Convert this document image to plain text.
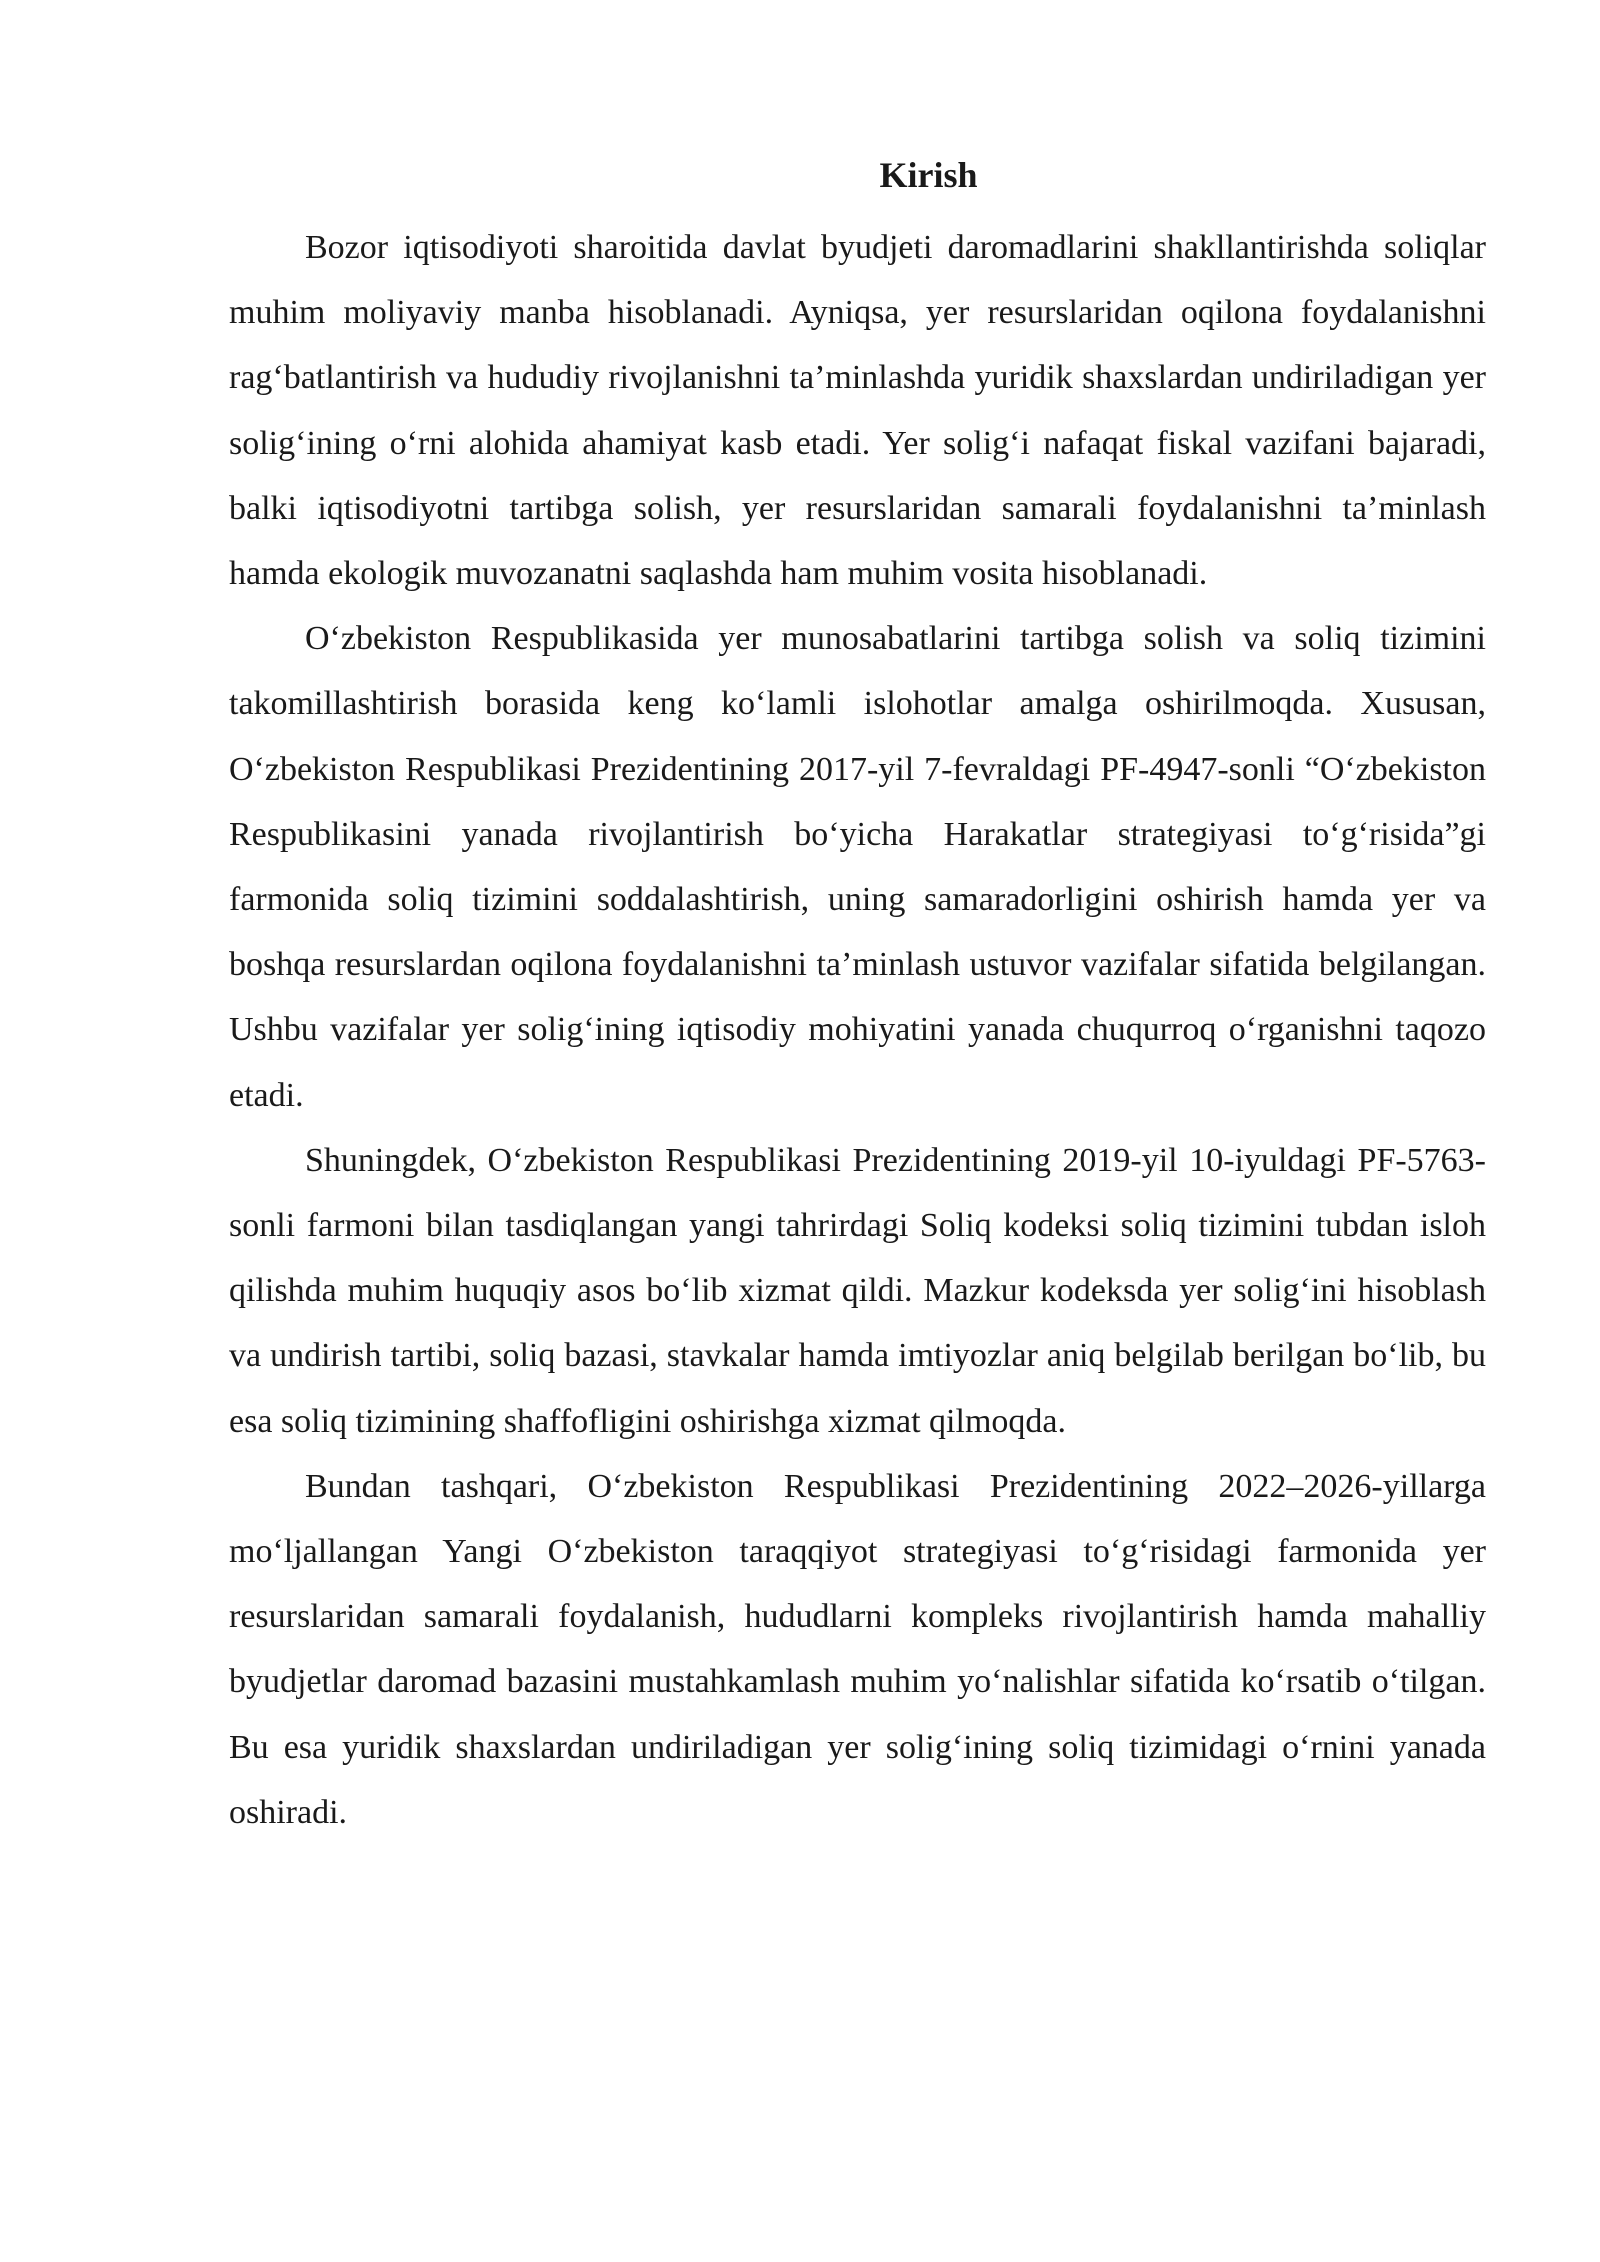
Kirish

Bozor iqtisodiyoti sharoitida davlat byudjeti daromadlarini shakllantirishda soliqlar muhim moliyaviy manba hisoblanadi. Ayniqsa, yer resurslaridan oqilona foydalanishni rag‘batlantirish va hududiy rivojlanishni ta’minlashda yuridik shaxslardan undiriladigan yer solig‘ining o‘rni alohida ahamiyat kasb etadi. Yer solig‘i nafaqat fiskal vazifani bajaradi, balki iqtisodiyotni tartibga solish, yer resurslaridan samarali foydalanishni ta’minlash hamda ekologik muvozanatni saqlashda ham muhim vosita hisoblanadi.

O‘zbekiston Respublikasida yer munosabatlarini tartibga solish va soliq tizimini takomillashtirish borasida keng ko‘lamli islohotlar amalga oshirilmoqda. Xususan, O‘zbekiston Respublikasi Prezidentining 2017-yil 7-fevraldagi PF-4947-sonli “O‘zbekiston Respublikasini yanada rivojlantirish bo‘yicha Harakatlar strategiyasi to‘g‘risida”gi farmonida soliq tizimini soddalashtirish, uning samaradorligini oshirish hamda yer va boshqa resurslardan oqilona foydalanishni ta’minlash ustuvor vazifalar sifatida belgilangan. Ushbu vazifalar yer solig‘ining iqtisodiy mohiyatini yanada chuqurroq o‘rganishni taqozo etadi.

Shuningdek, O‘zbekiston Respublikasi Prezidentining 2019-yil 10-iyuldagi PF-5763-sonli farmoni bilan tasdiqlangan yangi tahrirdagi Soliq kodeksi soliq tizimini tubdan isloh qilishda muhim huquqiy asos bo‘lib xizmat qildi. Mazkur kodeksda yer solig‘ini hisoblash va undirish tartibi, soliq bazasi, stavkalar hamda imtiyozlar aniq belgilab berilgan bo‘lib, bu esa soliq tizimining shaffofligini oshirishga xizmat qilmoqda.

Bundan tashqari, O‘zbekiston Respublikasi Prezidentining 2022–2026-yillarga mo‘ljallangan Yangi O‘zbekiston taraqqiyot strategiyasi to‘g‘risidagi farmonida yer resurslaridan samarali foydalanish, hududlarni kompleks rivojlantirish hamda mahalliy byudjetlar daromad bazasini mustahkamlash muhim yo‘nalishlar sifatida ko‘rsatib o‘tilgan. Bu esa yuridik shaxslardan undiriladigan yer solig‘ining soliq tizimidagi o‘rnini yanada oshiradi.
